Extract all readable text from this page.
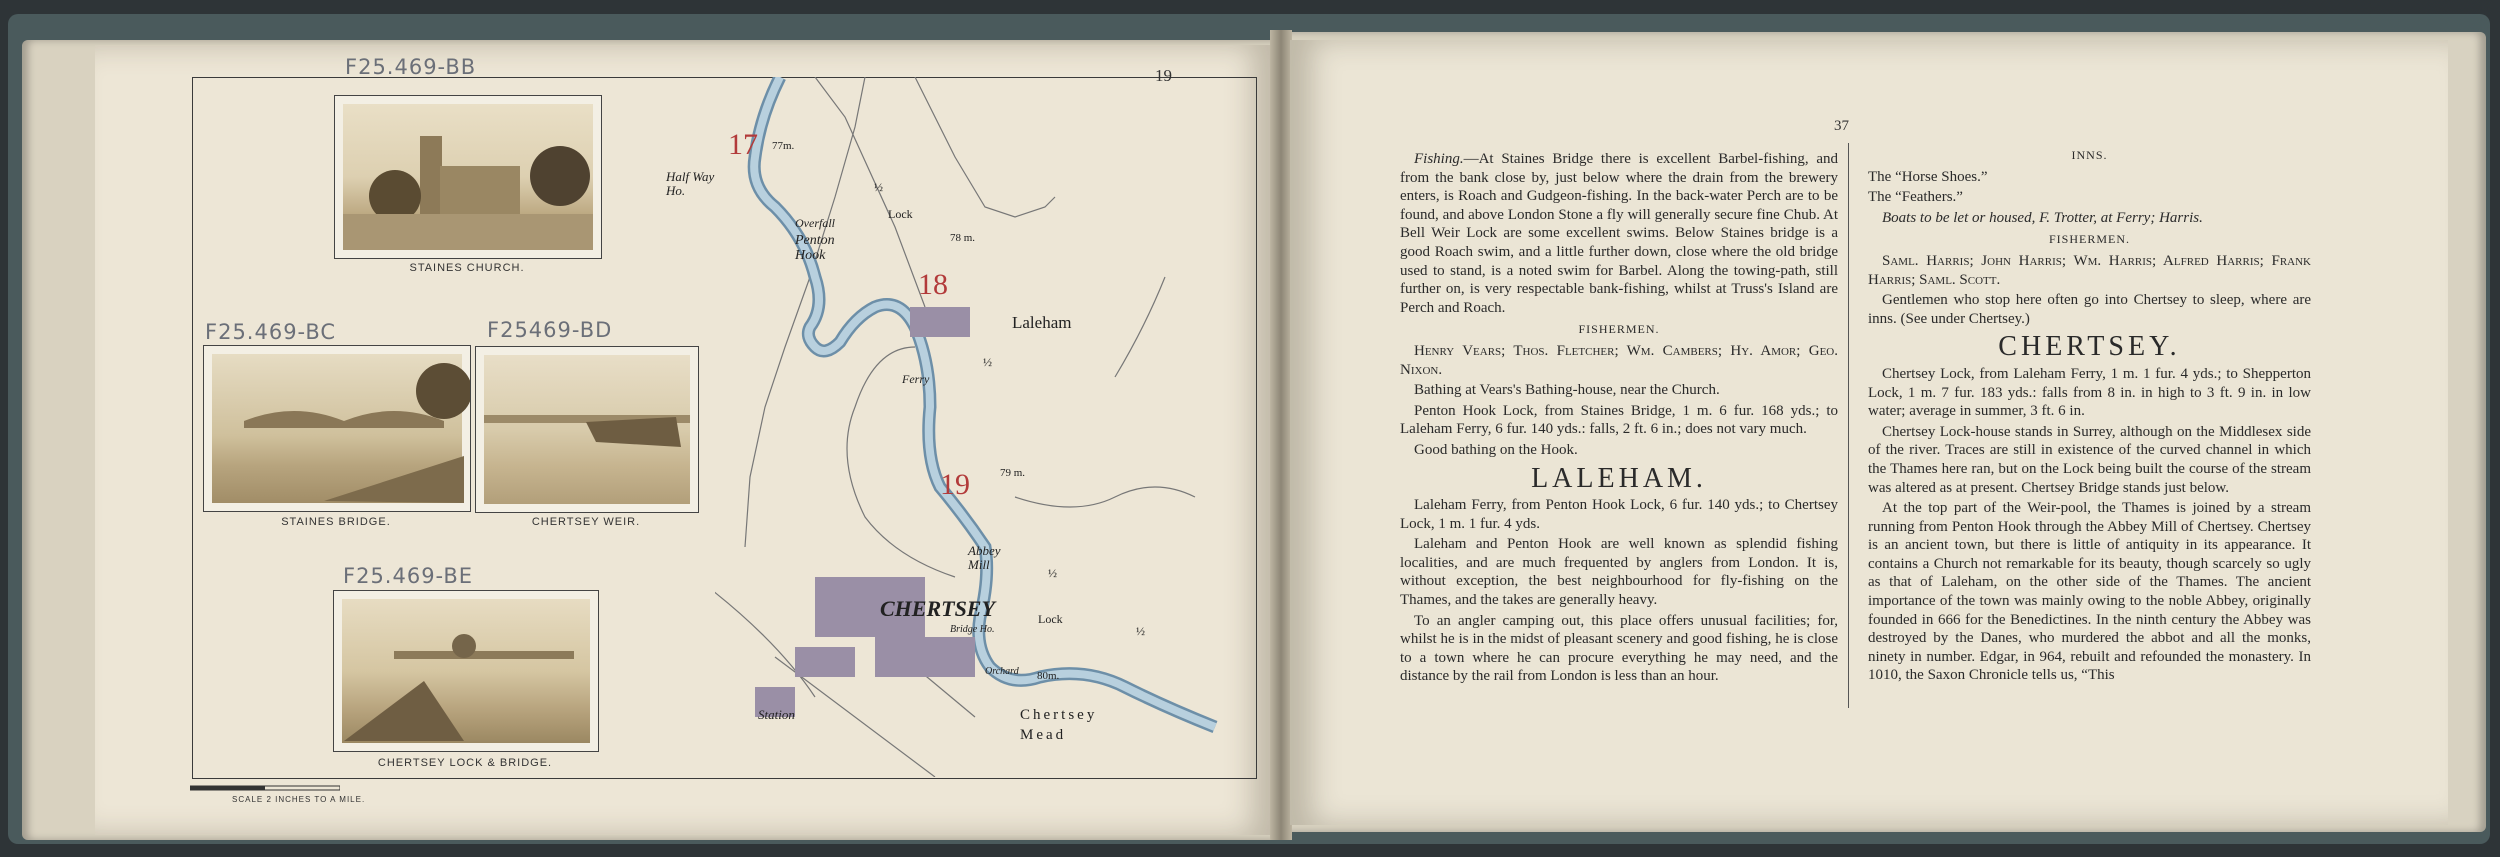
F25.469-BB
F25.469-BC	F25469-BD
F25.469-BE
19
STAINES CHURCH.
STAINES BRIDGE.	CHERTSEY WEIR.
CHERTSEY LOCK & BRIDGE.
Half Way Ho.
Overfall
Penton Hook
Lock
77m.
78 m.
Laleham
Ferry
79 m.
Abbey Mill
CHERTSEY	Lock
Bridge Ho.
80m.
Orchard
Station	Chertsey Mead
½
½
½
½
17
18
19
SCALE 2 INCHES TO A MILE.
37

Fishing.—At Staines Bridge there is excellent Barbel-fishing, and from the bank close by, just below where the drain from the brewery enters, is Roach and Gudgeon-fishing. In the back-water Perch are to be found, and above London Stone a fly will generally secure fine Chub. At Bell Weir Lock are some excellent swims. Below Staines bridge is a good Roach swim, and a little further down, close where the old bridge used to stand, is a noted swim for Barbel. Along the towing-path, still further on, is very respectable bank-fishing, whilst at Truss's Island are Perch and Roach.

FISHERMEN.

Henry Vears; Thos. Fletcher; Wm. Cambers; Hy. Amor; Geo. Nixon.

Bathing at Vears's Bathing-house, near the Church.

Penton Hook Lock, from Staines Bridge, 1 m. 6 fur. 168 yds.; to Laleham Ferry, 6 fur. 140 yds.: falls, 2 ft. 6 in.; does not vary much.

Good bathing on the Hook.

LALEHAM.

Laleham Ferry, from Penton Hook Lock, 6 fur. 140 yds.; to Chertsey Lock, 1 m. 1 fur. 4 yds.

Laleham and Penton Hook are well known as splendid fishing localities, and are much frequented by anglers from London. It is, without exception, the best neighbourhood for fly-fishing on the Thames, and the takes are generally heavy.

To an angler camping out, this place offers unusual facilities; for, whilst he is in the midst of pleasant scenery and good fishing, he is close to a town where he can procure everything he may need, and the distance by the rail from London is less than an hour.

INNS.

The “Horse Shoes.”

The “Feathers.”

Boats to be let or housed, F. Trotter, at Ferry; Harris.

FISHERMEN.

Saml. Harris; John Harris; Wm. Harris; Alfred Harris; Frank Harris; Saml. Scott.

Gentlemen who stop here often go into Chertsey to sleep, where are inns. (See under Chertsey.)

CHERTSEY.

Chertsey Lock, from Laleham Ferry, 1 m. 1 fur. 4 yds.; to Shepperton Lock, 1 m. 7 fur. 183 yds.: falls from 8 in. in high to 3 ft. 9 in. in low water; average in summer, 3 ft. 6 in.

Chertsey Lock-house stands in Surrey, although on the Middlesex side of the river. Traces are still in existence of the curved channel in which the Thames here ran, but on the Lock being built the course of the stream was altered as at present. Chertsey Bridge stands just below.

At the top part of the Weir-pool, the Thames is joined by a stream running from Penton Hook through the Abbey Mill of Chertsey. Chertsey is an ancient town, but there is little of antiquity in its appearance. It contains a Church not remarkable for its beauty, though scarcely so ugly as that of Laleham, on the other side of the Thames. The ancient importance of the town was mainly owing to the noble Abbey, originally founded in 666 for the Benedictines. In the ninth century the Abbey was destroyed by the Danes, who murdered the abbot and all the monks, ninety in number. Edgar, in 964, rebuilt and refounded the monastery. In 1010, the Saxon Chronicle tells us, “This
